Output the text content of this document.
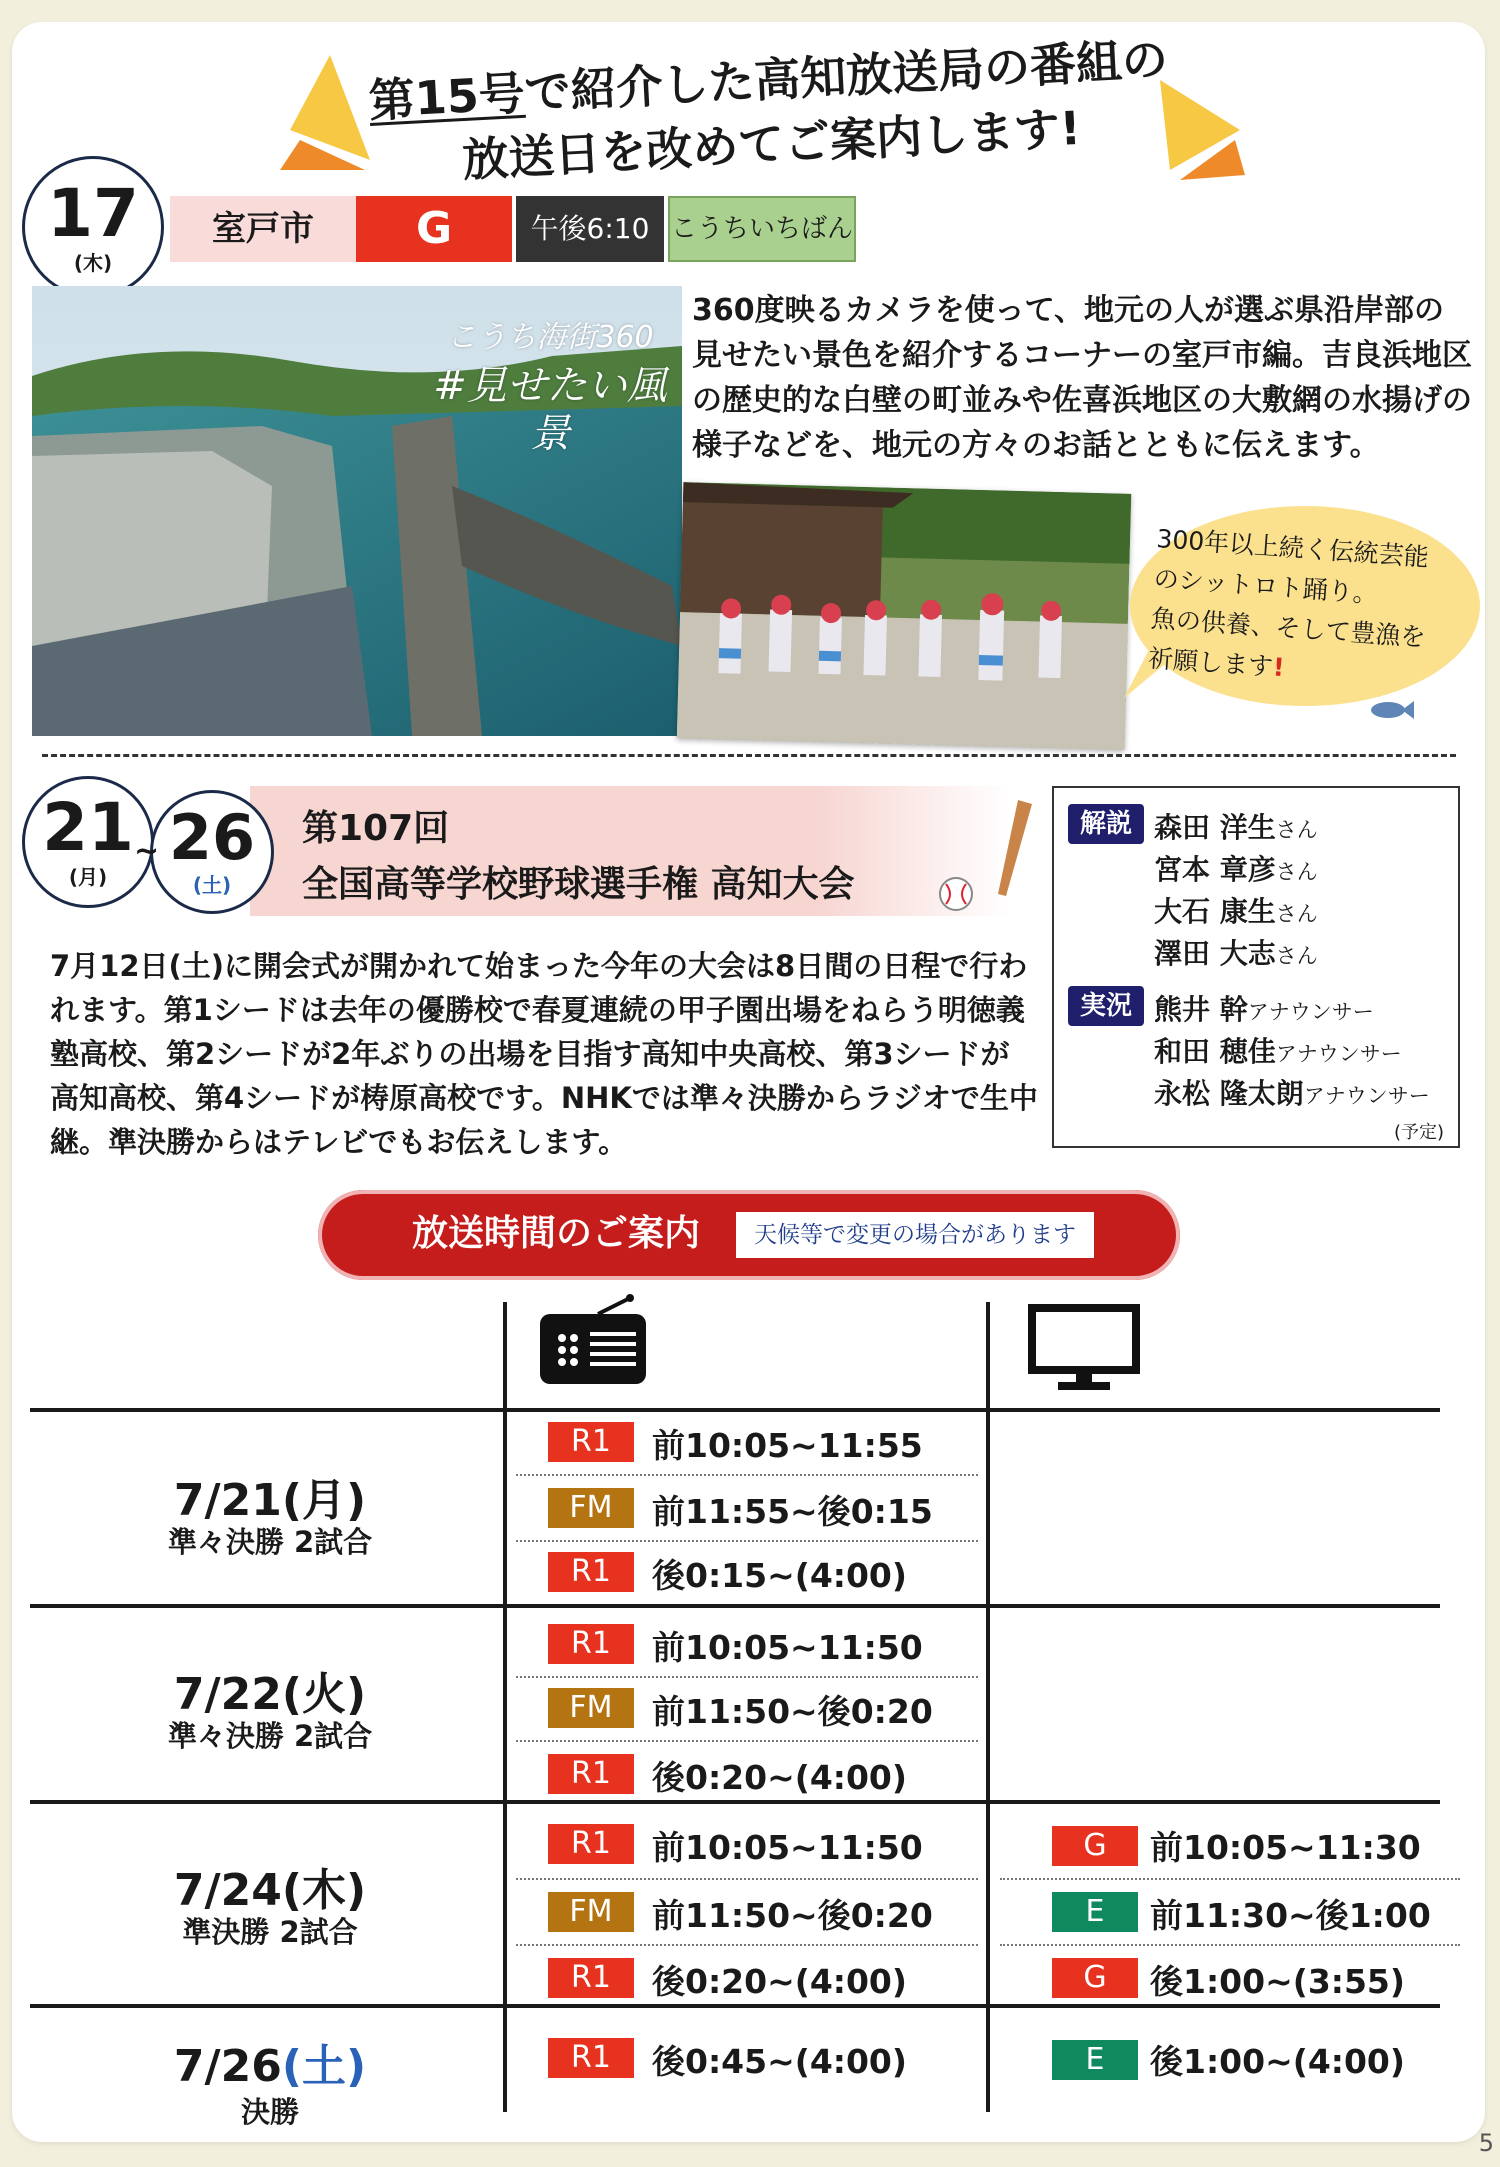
第15号で紹介した高知放送局の番組の
放送日を改めてご案内します!
17
(木)
室戸市	G	午後6:10 こうちいちばん
こうち海街360
#見せたい風景
360度映るカメラを使って、地元の人が選ぶ県沿岸部の見せたい景色を紹介するコーナーの室戸市編。吉良浜地区の歴史的な白壁の町並みや佐喜浜地区の大敷網の水揚げの様子などを、地元の方々のお話とともに伝えます。
300年以上続く伝統芸能
のシットロト踊り。
魚の供養、そして豊漁を
祈願します!
21
(月)
26
(土)
~
第107回
全国高等学校野球選手権 高知大会
7月12日(土)に開会式が開かれて始まった今年の大会は8日間の日程で行われます。第1シードは去年の優勝校で春夏連続の甲子園出場をねらう明徳義塾高校、第2シードが2年ぶりの出場を目指す高知中央高校、第3シードが高知高校、第4シードが梼原高校です。NHKでは準々決勝からラジオで生中継。準決勝からはテレビでもお伝えします。
解説 森田 洋生さん
宮本 章彦さん
大石 康生さん
澤田 大志さん
実況 熊井 幹アナウンサー
和田 穂佳アナウンサー
永松 隆太朗アナウンサー
(予定)
放送時間のご案内	天候等で変更の場合があります
7/21(月)
準々決勝 2試合
R1	前10:05~11:55
FM	前11:55~後0:15
R1	後0:15~(4:00)
7/22(火)
準々決勝 2試合
R1	前10:05~11:50
FM	前11:50~後0:20
R1	後0:20~(4:00)
7/24(木)
準決勝 2試合
R1	前10:05~11:50
FM	前11:50~後0:20
R1	後0:20~(4:00)
G	前10:05~11:30
E	前11:30~後1:00
G	後1:00~(3:55)
7/26(土)
決勝
R1	後0:45~(4:00)	E	後1:00~(4:00)
5
